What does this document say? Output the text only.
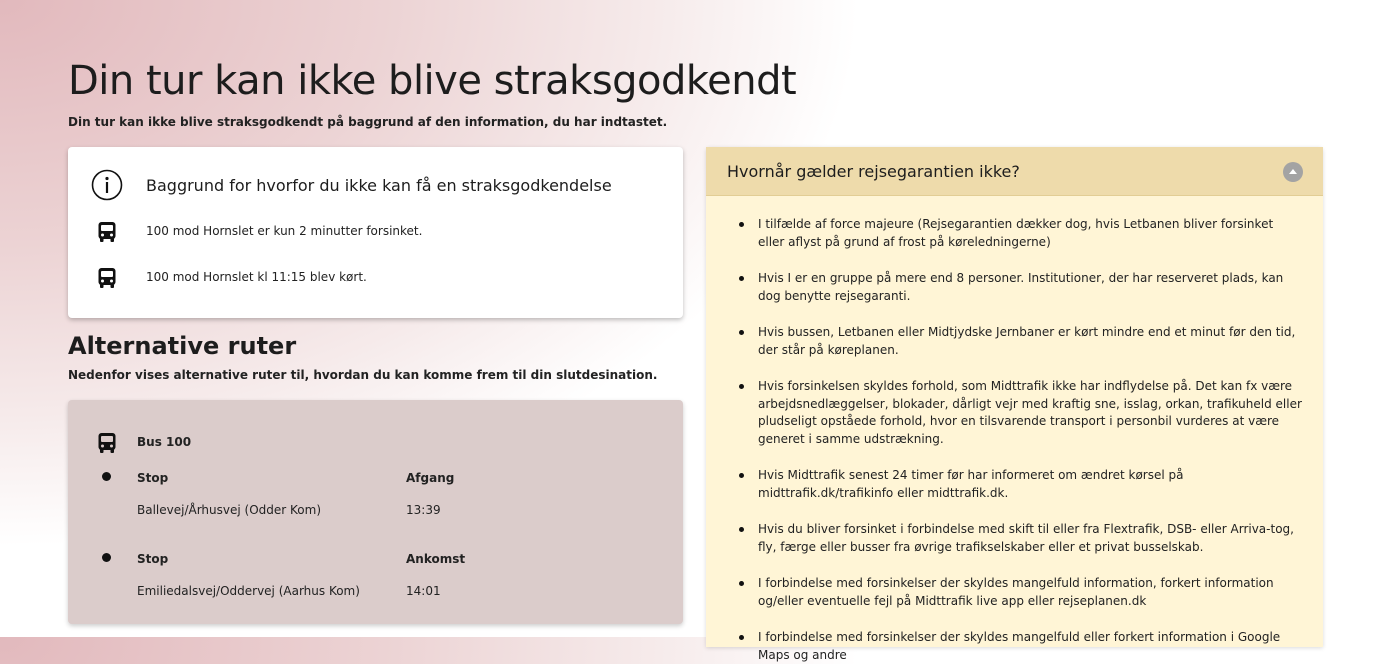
Din tur kan ikke blive straksgodkendt

Din tur kan ikke blive straksgodkendt på baggrund af den information, du har indtastet.

Baggrund for hvorfor du ikke kan få en straksgodkendelse
100 mod Hornslet er kun 2 minutter forsinket.
100 mod Hornslet kl 11:15 blev kørt.
Alternative ruter

Nedenfor vises alternative ruter til, hvordan du kan komme frem til din slutdesination.

Bus 100
Stop	Afgang
Ballevej/Århusvej (Odder Kom)	13:39
Stop	Ankomst
Emiliedalsvej/Oddervej (Aarhus Kom)	14:01
Hvornår gælder rejsegarantien ikke?
I tilfælde af force majeure (Rejsegarantien dækker dog, hvis Letbanen bliver forsinket eller aflyst på grund af frost på køreledningerne)
Hvis I er en gruppe på mere end 8 personer. Institutioner, der har reserveret plads, kan dog benytte rejsegaranti.
Hvis bussen, Letbanen eller Midtjydske Jernbaner er kørt mindre end et minut før den tid, der står på køreplanen.
Hvis forsinkelsen skyldes forhold, som Midttrafik ikke har indflydelse på. Det kan fx være arbejdsnedlæggelser, blokader, dårligt vejr med kraftig sne, isslag, orkan, trafikuheld eller pludseligt opståede forhold, hvor en tilsvarende transport i personbil vurderes at være generet i samme udstrækning.
Hvis Midttrafik senest 24 timer før har informeret om ændret kørsel på midttrafik.dk/trafikinfo eller midttrafik.dk.
Hvis du bliver forsinket i forbindelse med skift til eller fra Flextrafik, DSB- eller Arriva-tog, fly, færge eller busser fra øvrige trafikselskaber eller et privat busselskab.
I forbindelse med forsinkelser der skyldes mangelfuld information, forkert information og/eller eventuelle fejl på Midttrafik live app eller rejseplanen.dk
I forbindelse med forsinkelser der skyldes mangelfuld eller forkert information i Google Maps og andre
